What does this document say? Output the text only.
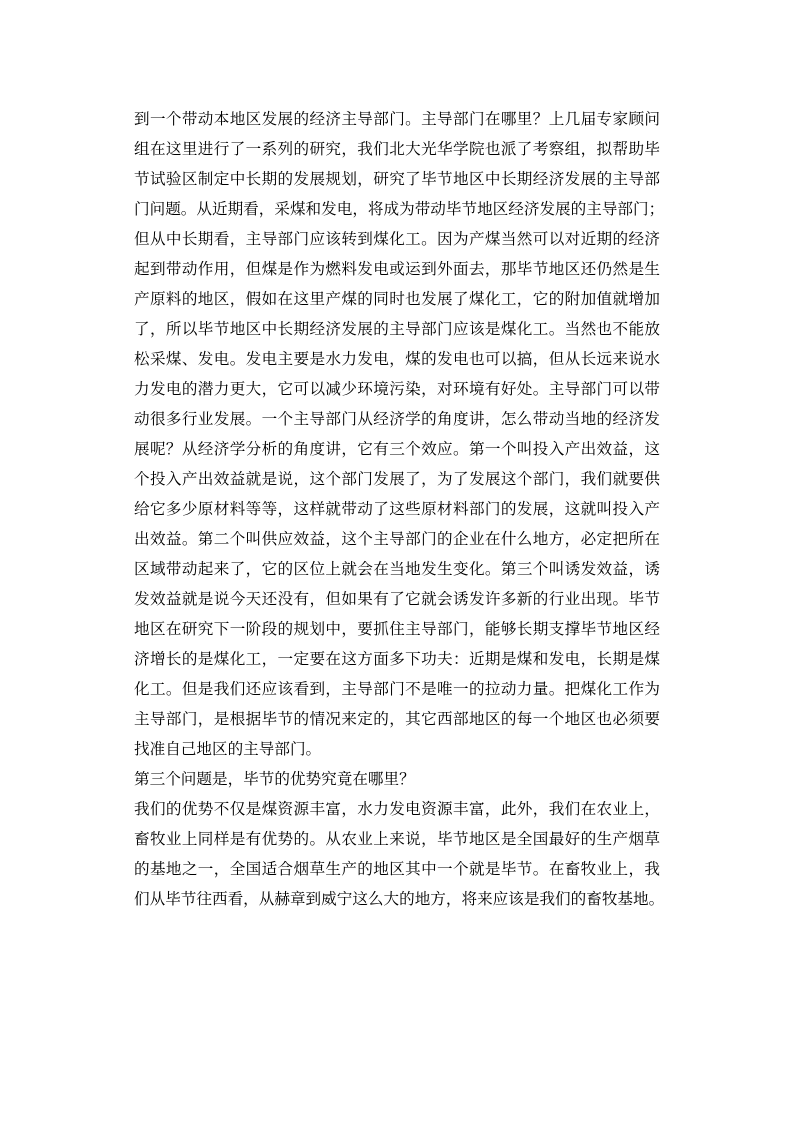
到一个带动本地区发展的经济主导部门。主导部门在哪里？上几届专家顾问
组在这里进行了一系列的研究，我们北大光华学院也派了考察组，拟帮助毕
节试验区制定中长期的发展规划，研究了毕节地区中长期经济发展的主导部
门问题。从近期看，采煤和发电，将成为带动毕节地区经济发展的主导部门；
但从中长期看，主导部门应该转到煤化工。因为产煤当然可以对近期的经济
起到带动作用，但煤是作为燃料发电或运到外面去，那毕节地区还仍然是生
产原料的地区，假如在这里产煤的同时也发展了煤化工，它的附加值就增加
了，所以毕节地区中长期经济发展的主导部门应该是煤化工。当然也不能放
松采煤、发电。发电主要是水力发电，煤的发电也可以搞，但从长远来说水
力发电的潜力更大，它可以减少环境污染，对环境有好处。主导部门可以带
动很多行业发展。一个主导部门从经济学的角度讲，怎么带动当地的经济发
展呢？从经济学分析的角度讲，它有三个效应。第一个叫投入产出效益，这
个投入产出效益就是说，这个部门发展了，为了发展这个部门，我们就要供
给它多少原材料等等，这样就带动了这些原材料部门的发展，这就叫投入产
出效益。第二个叫供应效益，这个主导部门的企业在什么地方，必定把所在
区域带动起来了，它的区位上就会在当地发生变化。第三个叫诱发效益，诱
发效益就是说今天还没有，但如果有了它就会诱发许多新的行业出现。毕节
地区在研究下一阶段的规划中，要抓住主导部门，能够长期支撑毕节地区经
济增长的是煤化工，一定要在这方面多下功夫：近期是煤和发电，长期是煤
化工。但是我们还应该看到，主导部门不是唯一的拉动力量。把煤化工作为
主导部门，是根据毕节的情况来定的，其它西部地区的每一个地区也必须要
找准自己地区的主导部门。
第三个问题是，毕节的优势究竟在哪里？
我们的优势不仅是煤资源丰富，水力发电资源丰富，此外，我们在农业上，
畜牧业上同样是有优势的。从农业上来说，毕节地区是全国最好的生产烟草
的基地之一，全国适合烟草生产的地区其中一个就是毕节。在畜牧业上，我
们从毕节往西看，从赫章到威宁这么大的地方，将来应该是我们的畜牧基地。
